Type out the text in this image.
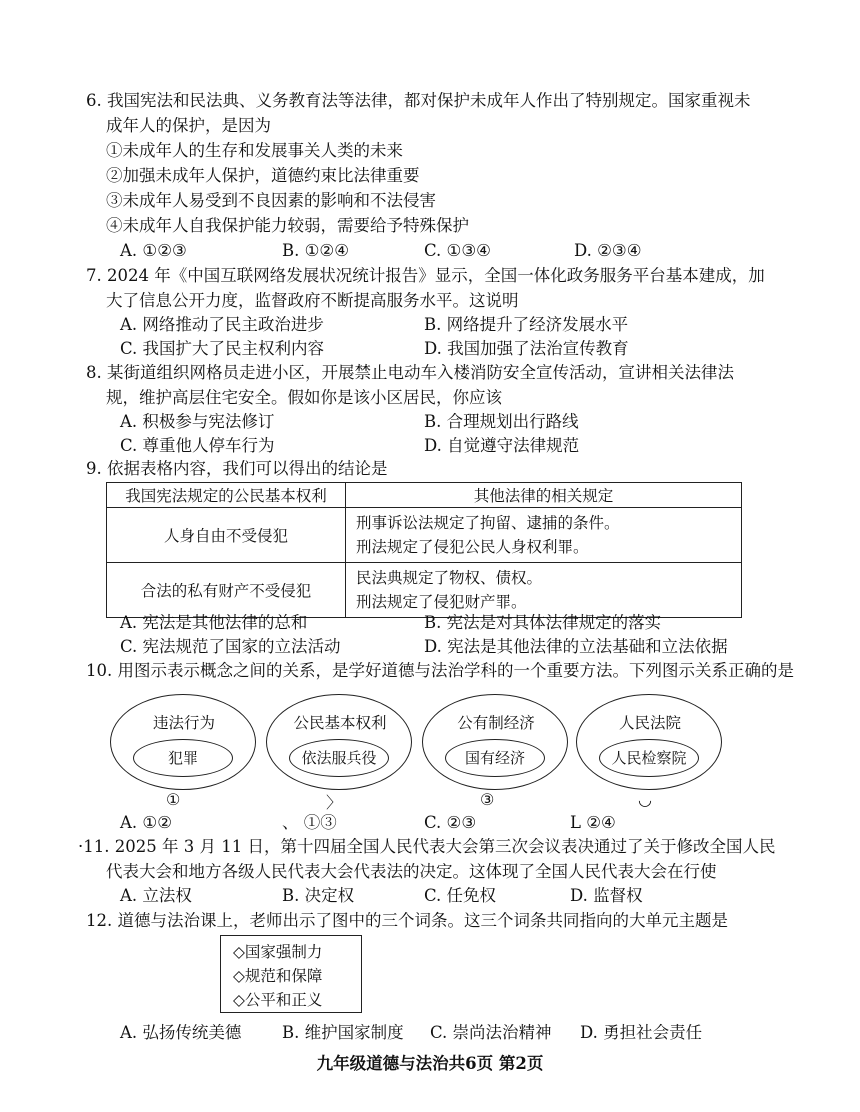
6. 我国宪法和民法典、义务教育法等法律，都对保护未成年人作出了特别规定。国家重视未
成年人的保护，是因为
①未成年人的生存和发展事关人类的未来
②加强未成年人保护，道德约束比法律重要
③未成年人易受到不良因素的影响和不法侵害
④未成年人自我保护能力较弱，需要给予特殊保护
A. ①②③	B. ①②④	C. ①③④	D. ②③④
7. 2024 年《中国互联网络发展状况统计报告》显示，全国一体化政务服务平台基本建成，加
大了信息公开力度，监督政府不断提高服务水平。这说明
A. 网络推动了民主政治进步	B. 网络提升了经济发展水平
C. 我国扩大了民主权利内容	D. 我国加强了法治宣传教育
8. 某街道组织网格员走进小区，开展禁止电动车入楼消防安全宣传活动，宣讲相关法律法
规，维护高层住宅安全。假如你是该小区居民，你应该
A. 积极参与宪法修订	B. 合理规划出行路线
C. 尊重他人停车行为	D. 自觉遵守法律规范
9. 依据表格内容，我们可以得出的结论是
我国宪法规定的公民基本权利	其他法律的相关规定
人身自由不受侵犯	刑事诉讼法规定了拘留、逮捕的条件。
刑法规定了侵犯公民人身权利罪。

合法的私有财产不受侵犯	民法典规定了物权、债权。
刑法规定了侵犯财产罪。
A. 宪法是其他法律的总和	B. 宪法是对具体法律规定的落实
C. 宪法规范了国家的立法活动	D. 宪法是其他法律的立法基础和立法依据
10. 用图示表示概念之间的关系，是学好道德与法治学科的一个重要方法。下列图示关系正确的是
违法行为
犯罪
公民基本权利
依法服兵役
公有制经济
国有经济
人民法院
人民检察院
①	〉	③	◡
A. ①②	、 ①③	C. ②③	L ②④
·11. 2025 年 3 月 11 日，第十四届全国人民代表大会第三次会议表决通过了关于修改全国人民
代表大会和地方各级人民代表大会代表法的决定。这体现了全国人民代表大会在行使
A. 立法权	B. 决定权	C. 任免权	D. 监督权
12. 道德与法治课上，老师出示了图中的三个词条。这三个词条共同指向的大单元主题是
◇国家强制力
◇规范和保障
◇公平和正义
A. 弘扬传统美德 B. 维护国家制度 C. 崇尚法治精神 D. 勇担社会责任
九年级道德与法治共6页 第2页
